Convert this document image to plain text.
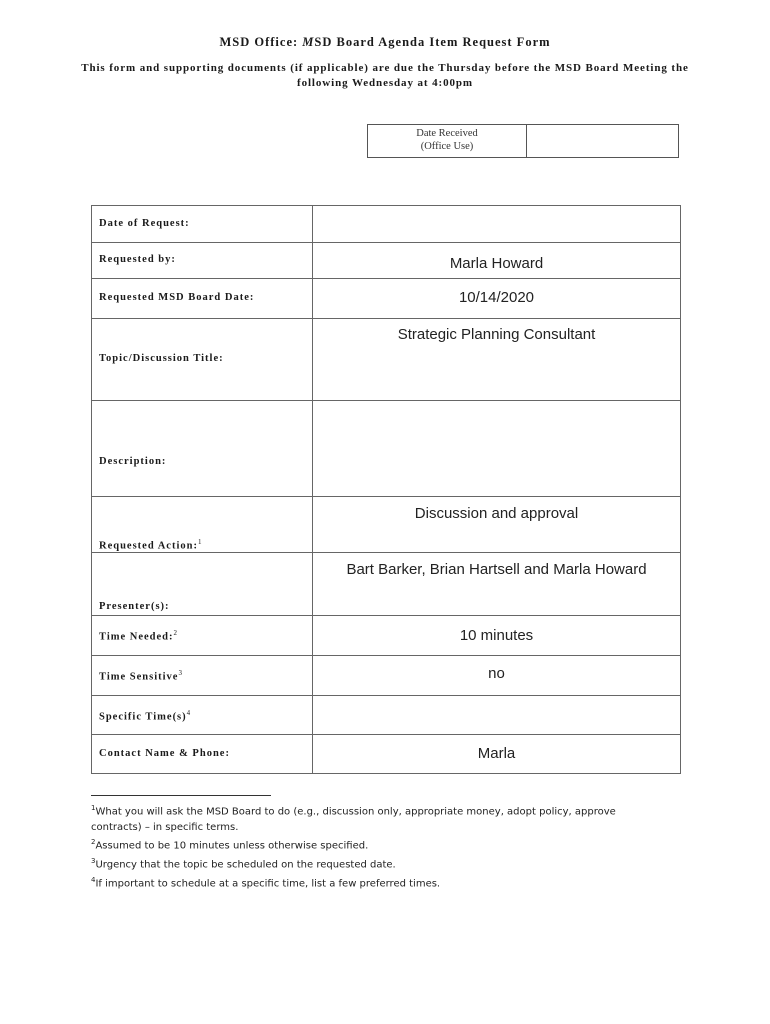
MSD Office: MSD Board Agenda Item Request Form
This form and supporting documents (if applicable) are due the Thursday before the MSD Board Meeting the following Wednesday at 4:00pm
Date Received
(Office Use)
Date of Request:	

Requested by:	Marla Howard

Requested MSD Board Date:	10/14/2020

Topic/Discussion Title:	Strategic Planning Consultant

Description:	

Requested Action:$^1$	Discussion and approval

Presenter(s):	Bart Barker, Brian Hartsell and Marla Howard

Time Needed:$^2$	10 minutes

Time Sensitive$^3$	no

Specific $Time(s)^4$

Contact Name & Phone:	Marla

$^1$What you will ask the MSD Board to do (e.g., discussion only, appropriate money, adopt policy, approve contracts) – in specific terms.

$^2$Assumed to be 10 minutes unless otherwise specified.

$^3$Urgency that the topic be scheduled on the requested date.

$^4$If important to schedule at a specific time, list a few preferred times.
